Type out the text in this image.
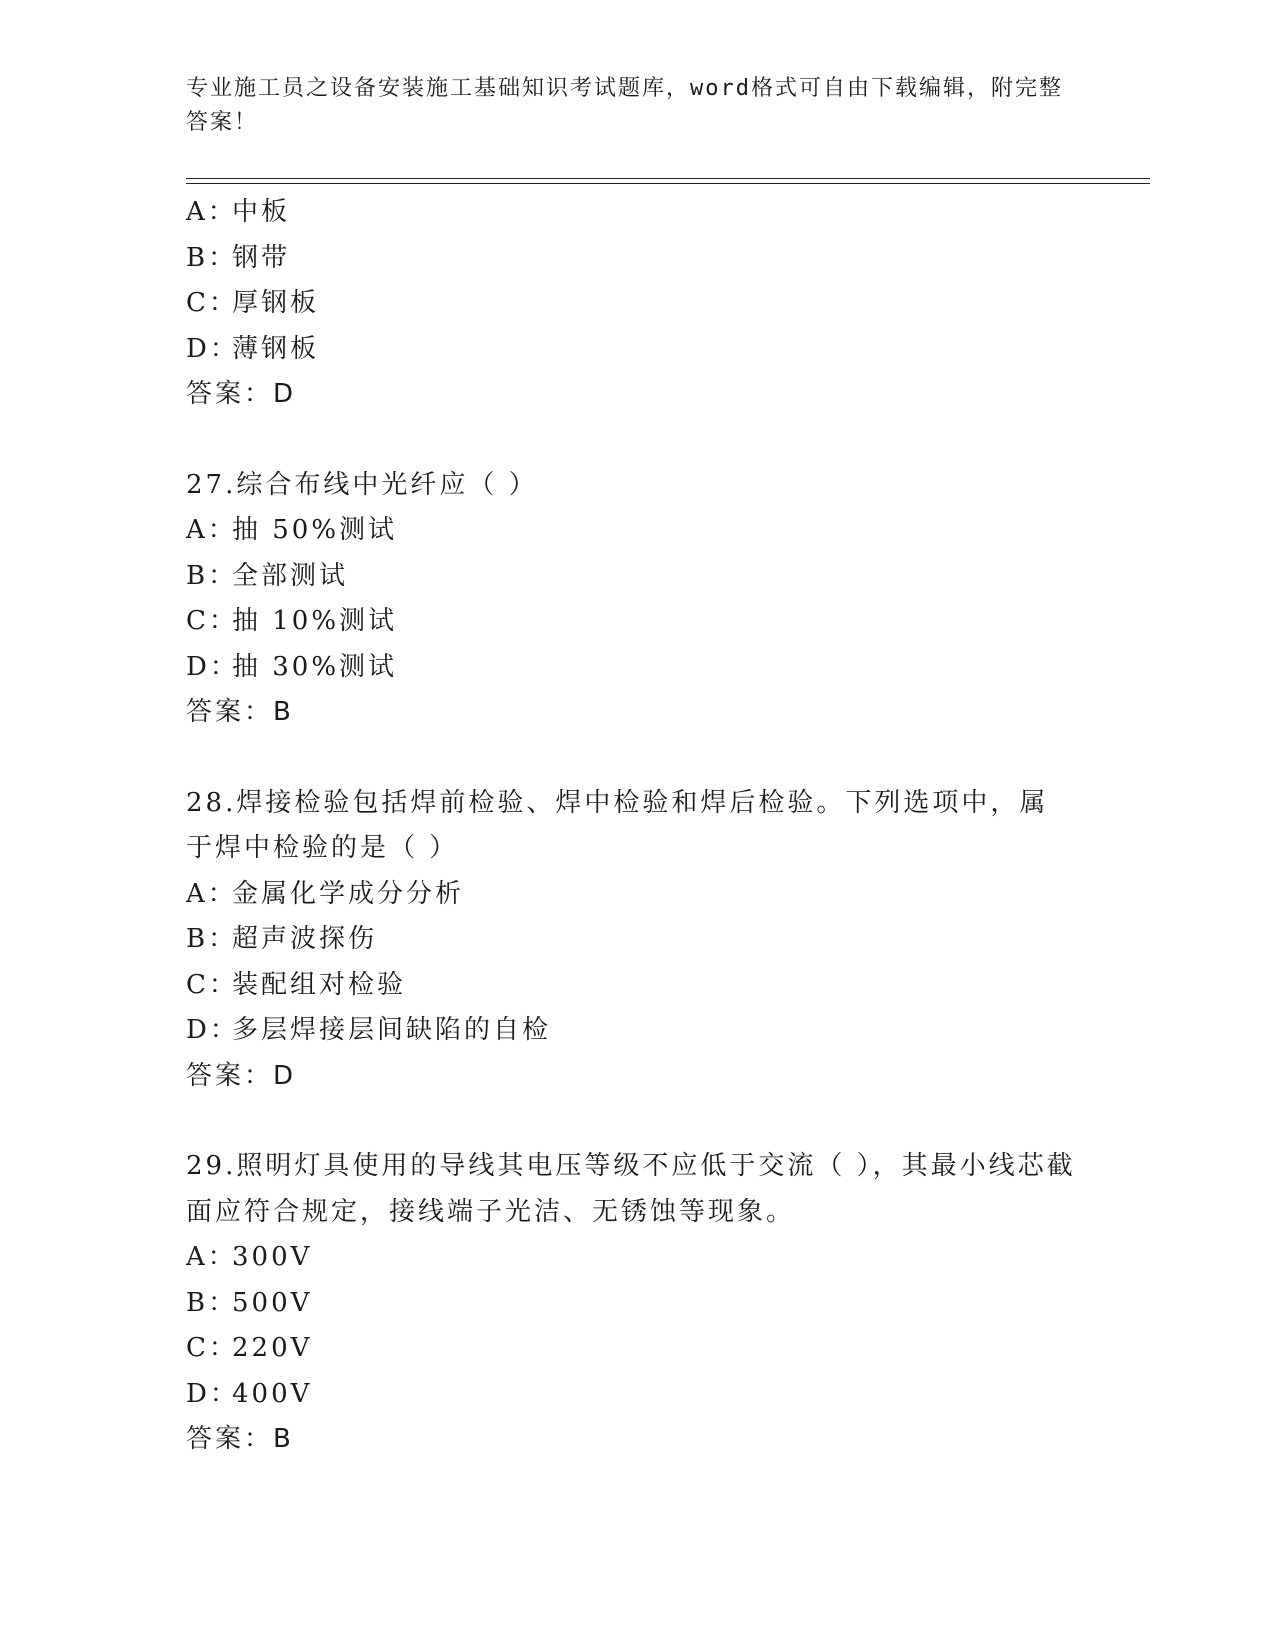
专业施工员之设备安装施工基础知识考试题库，word格式可自由下载编辑，附完整答案！
A：中板
B：钢带
C：厚钢板
D：薄钢板
答案：D
27.综合布线中光纤应（ ）
A：抽 50%测试
B：全部测试
C：抽 10%测试
D：抽 30%测试
答案：B
28.焊接检验包括焊前检验、焊中检验和焊后检验。下列选项中，属于焊中检验的是（ ）
A：金属化学成分分析
B：超声波探伤
C：装配组对检验
D：多层焊接层间缺陷的自检
答案：D
29.照明灯具使用的导线其电压等级不应低于交流（ ），其最小线芯截面应符合规定，接线端子光洁、无锈蚀等现象。
A：300V
B：500V
C：220V
D：400V
答案：B
